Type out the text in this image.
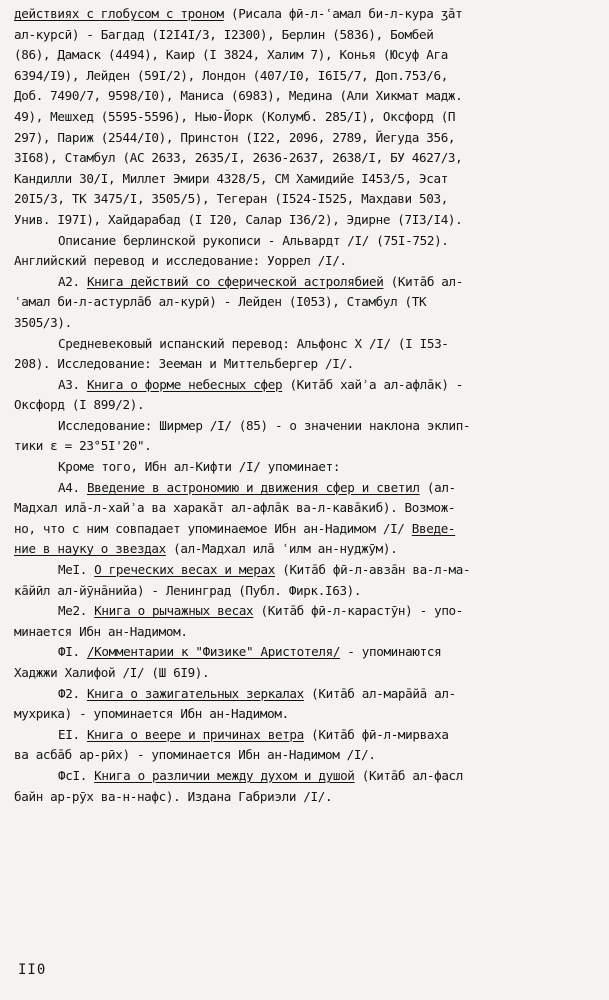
действиях с глобусом с троном (Рисала фӣ-л-ʿамал би-л-кура ӡāт
ал-курсӣ) - Багдад (I2I4I/3, I2300), Берлин (5836), Бомбей
(86), Дамаск (4494), Каир (I 3824, Халим 7), Конья (Юсуф Ага
6394/I9), Лейден (59I/2), Лондон (407/I0, I6I5/7, Доп.753/6,
Доб. 7490/7, 9598/I0), Маниса (6983), Медина (Али Хикмат мадж.
49), Мешхед (5595-5596), Нью-Йорк (Колумб. 285/I), Оксфорд (П
297), Париж (2544/I0), Принстон (I22, 2096, 2789, Йегуда 356,
3I68), Стамбул (АС 2633, 2635/I, 2636-2637, 2638/I, БУ 4627/3,
Кандилли 30/I, Миллет Эмири 4328/5, СМ Хамидийе I453/5, Эсат
20I5/3, ТК 3475/I, 3505/5), Тегеран (I524-I525, Махдави 503,
Унив. I97I), Хайдарабад (I I20, Салар I36/2), Эдирне (7I3/I4).
Описание берлинской рукописи - Альвардт /I/ (75I-752).
Английский перевод и исследование: Уоррел /I/.
A2. Книга действий со сферической астролябией (Китāб ал-
ʿамал би-л-астурлāб ал-курӣ) - Лейден (I053), Стамбул (ТК
3505/3).
Средневековый испанский перевод: Альфонс X /I/ (I I53-
208). Исследование: Зееман и Миттельбергер /I/.
A3. Книга о форме небесных сфер (Китāб хайʾа ал-афлāк) -
Оксфорд (I 899/2).
Исследование: Ширмер /I/ (85) - о значении наклона эклип-
тики ε = 23°5I'20".
Кроме того, Ибн ал-Кифти /I/ упоминает:
A4. Введение в астрономию и движения сфер и светил (ал-
Мадхал илā-л-хайʾа ва харакāт ал-афлāк ва-л-кавāкиб). Возмож-
но, что с ним совпадает упоминаемое Ибн ан-Надимом /I/ Введе-
ние в науку о звездах (ал-Мадхал илā ʿилм ан-нуджӯм).
МеI. О греческих весах и мерах (Китāб фӣ-л-авзāн ва-л-ма-
кāйӣл ал-йӯнāнийа) - Ленинград (Публ. Фирк.I63).
Ме2. Книга о рычажных весах (Китāб фӣ-л-карастӯн) - упо-
минается Ибн ан-Надимом.
ФI. /Комментарии к "Физике" Аристотеля/ - упоминаются
Хаджжи Халифой /I/ (Ш 6I9).
Ф2. Книга о зажигательных зеркалах (Китāб ал-марāйā ал-
мухрика) - упоминается Ибн ан-Надимом.
ЕI. Книга о веере и причинах ветра (Китāб фӣ-л-мирваха
ва асбāб ар-рӣх) - упоминается Ибн ан-Надимом /I/.
ФсI. Книга о различии между духом и душой (Китāб ал-фасл
байн ар-рӯх ва-н-нафс). Издана Габриэли /I/.
II0
